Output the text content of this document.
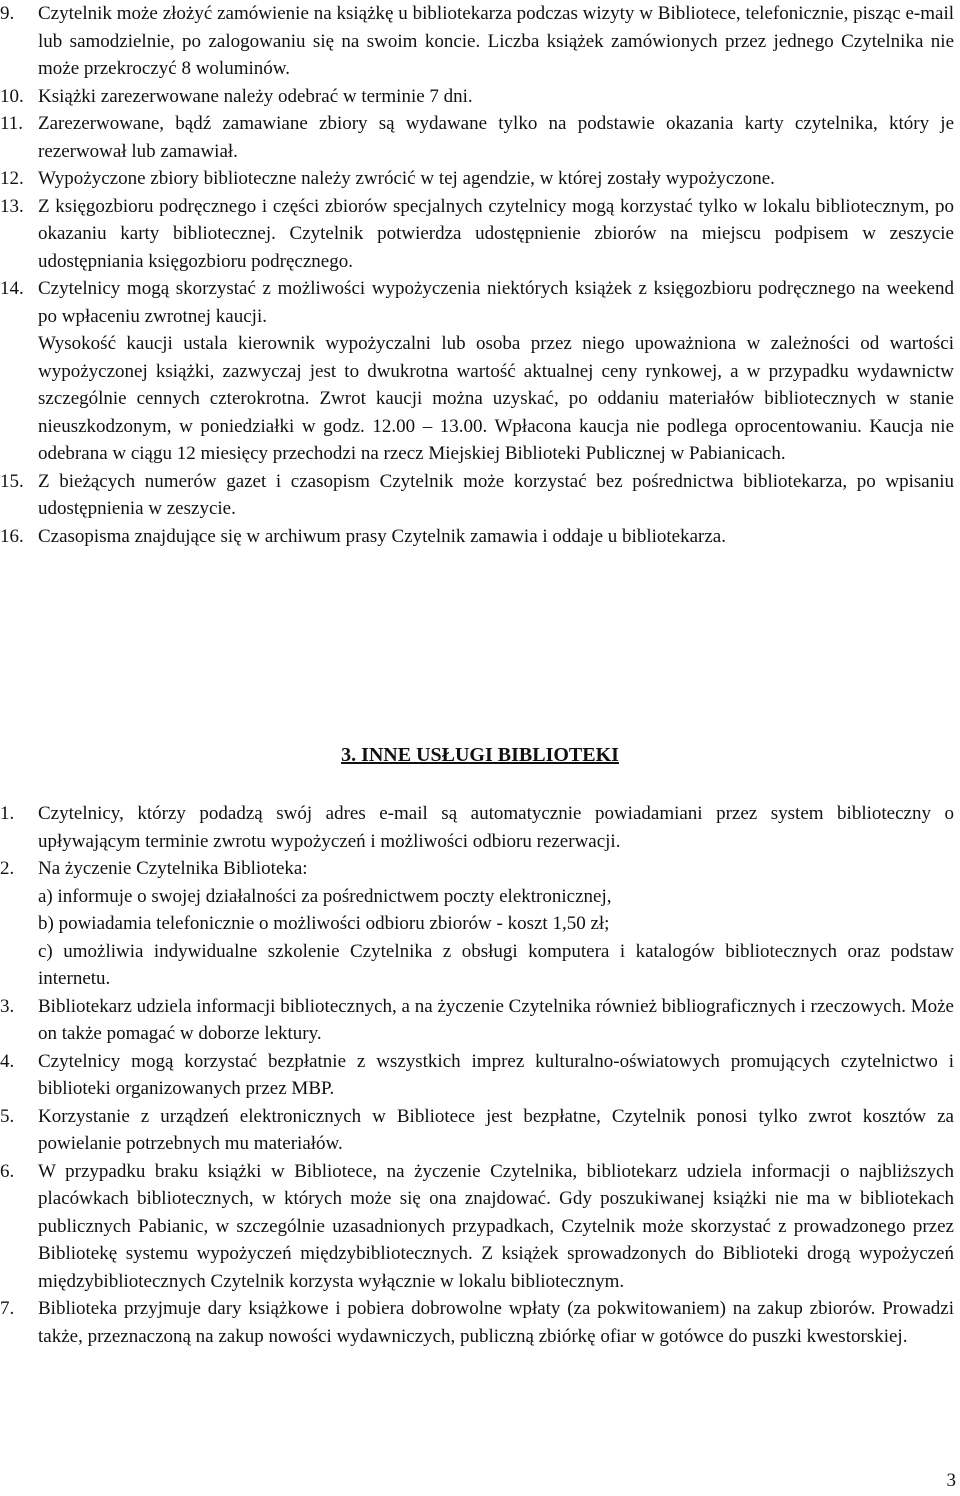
9. Czytelnik może złożyć zamówienie na książkę u bibliotekarza podczas wizyty w Bibliotece, telefonicznie, pisząc e-mail lub samodzielnie, po zalogowaniu się na swoim koncie. Liczba książek zamówionych przez jednego Czytelnika nie może przekroczyć 8 woluminów.

10. Książki zarezerwowane należy odebrać w terminie 7 dni.

11. Zarezerwowane, bądź zamawiane zbiory są wydawane tylko na podstawie okazania karty czytelnika, który je rezerwował lub zamawiał.

12. Wypożyczone zbiory biblioteczne należy zwrócić w tej agendzie, w której zostały wypożyczone.

13. Z księgozbioru podręcznego i części zbiorów specjalnych czytelnicy mogą korzystać tylko w lokalu bibliotecznym, po okazaniu karty bibliotecznej. Czytelnik potwierdza udostępnienie zbiorów na miejscu podpisem w zeszycie udostępniania księgozbioru podręcznego.

14. Czytelnicy mogą skorzystać z możliwości wypożyczenia niektórych książek z księgozbioru podręcznego na weekend po wpłaceniu zwrotnej kaucji.

Wysokość kaucji ustala kierownik wypożyczalni lub osoba przez niego upoważniona w zależności od wartości wypożyczonej książki, zazwyczaj jest to dwukrotna wartość aktualnej ceny rynkowej, a w przypadku wydawnictw szczególnie cennych czterokrotna. Zwrot kaucji można uzyskać, po oddaniu materiałów bibliotecznych w stanie nieuszkodzonym, w poniedziałki w godz. 12.00 – 13.00. Wpłacona kaucja nie podlega oprocentowaniu. Kaucja nie odebrana w ciągu 12 miesięcy przechodzi na rzecz Miejskiej Biblioteki Publicznej w Pabianicach.

15. Z bieżących numerów gazet i czasopism Czytelnik może korzystać bez pośrednictwa bibliotekarza, po wpisaniu udostępnienia w zeszycie.

16. Czasopisma znajdujące się w archiwum prasy Czytelnik zamawia i oddaje u bibliotekarza.

3. INNE USŁUGI BIBLIOTEKI
1. Czytelnicy, którzy podadzą swój adres e-mail są automatycznie powiadamiani przez system biblioteczny o upływającym terminie zwrotu wypożyczeń i możliwości odbioru rezerwacji.

2. Na życzenie Czytelnika Biblioteka:

a) informuje o swojej działalności za pośrednictwem poczty elektronicznej,

b) powiadamia telefonicznie o możliwości odbioru zbiorów - koszt 1,50 zł;

c) umożliwia indywidualne szkolenie Czytelnika z obsługi komputera i katalogów bibliotecznych oraz podstaw internetu.

3. Bibliotekarz udziela informacji bibliotecznych, a na życzenie Czytelnika również bibliograficznych i rzeczowych. Może on także pomagać w doborze lektury.

4. Czytelnicy mogą korzystać bezpłatnie z wszystkich imprez kulturalno-oświatowych promujących czytelnictwo i biblioteki organizowanych przez MBP.

5. Korzystanie z urządzeń elektronicznych w Bibliotece jest bezpłatne, Czytelnik ponosi tylko zwrot kosztów za powielanie potrzebnych mu materiałów.

6. W przypadku braku książki w Bibliotece, na życzenie Czytelnika, bibliotekarz udziela informacji o najbliższych placówkach bibliotecznych, w których może się ona znajdować. Gdy poszukiwanej książki nie ma w bibliotekach publicznych Pabianic, w szczególnie uzasadnionych przypadkach, Czytelnik może skorzystać z prowadzonego przez Bibliotekę systemu wypożyczeń międzybibliotecznych. Z książek sprowadzonych do Biblioteki drogą wypożyczeń międzybibliotecznych Czytelnik korzysta wyłącznie w lokalu bibliotecznym.

7. Biblioteka przyjmuje dary książkowe i pobiera dobrowolne wpłaty (za pokwitowaniem) na zakup zbiorów. Prowadzi także, przeznaczoną na zakup nowości wydawniczych, publiczną zbiórkę ofiar w gotówce do puszki kwestorskiej.

3
